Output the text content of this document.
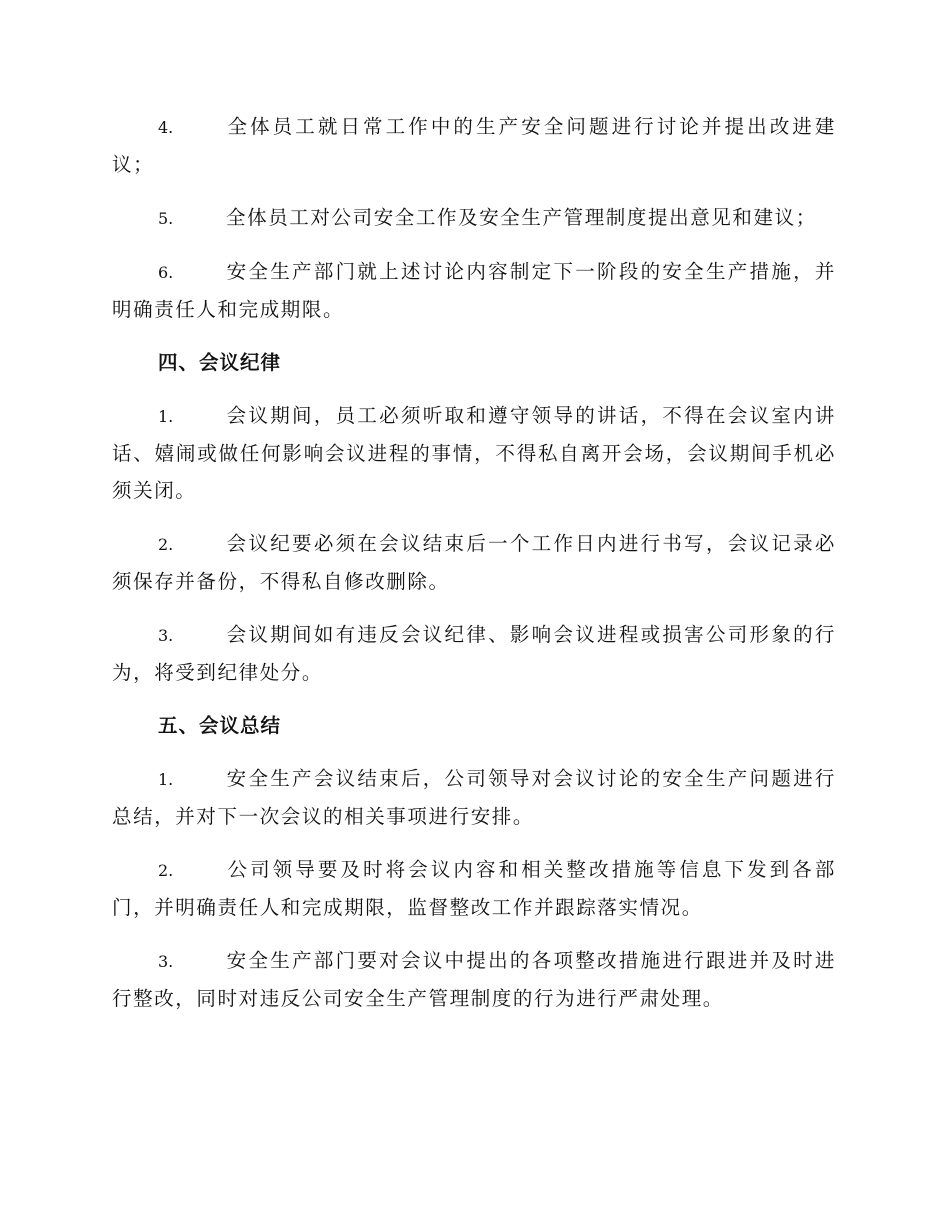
4.	全体员工就日常工作中的生产安全问题进行讨论并提出改进建议；

5.	全体员工对公司安全工作及安全生产管理制度提出意见和建议；

6.	安全生产部门就上述讨论内容制定下一阶段的安全生产措施，并明确责任人和完成期限。

四、会议纪律

1.	会议期间，员工必须听取和遵守领导的讲话，不得在会议室内讲话、嬉闹或做任何影响会议进程的事情，不得私自离开会场，会议期间手机必须关闭。

2.	会议纪要必须在会议结束后一个工作日内进行书写，会议记录必须保存并备份，不得私自修改删除。

3.	会议期间如有违反会议纪律、影响会议进程或损害公司形象的行为，将受到纪律处分。

五、会议总结

1.	安全生产会议结束后，公司领导对会议讨论的安全生产问题进行总结，并对下一次会议的相关事项进行安排。

2.	公司领导要及时将会议内容和相关整改措施等信息下发到各部门，并明确责任人和完成期限，监督整改工作并跟踪落实情况。

3.	安全生产部门要对会议中提出的各项整改措施进行跟进并及时进行整改，同时对违反公司安全生产管理制度的行为进行严肃处理。
